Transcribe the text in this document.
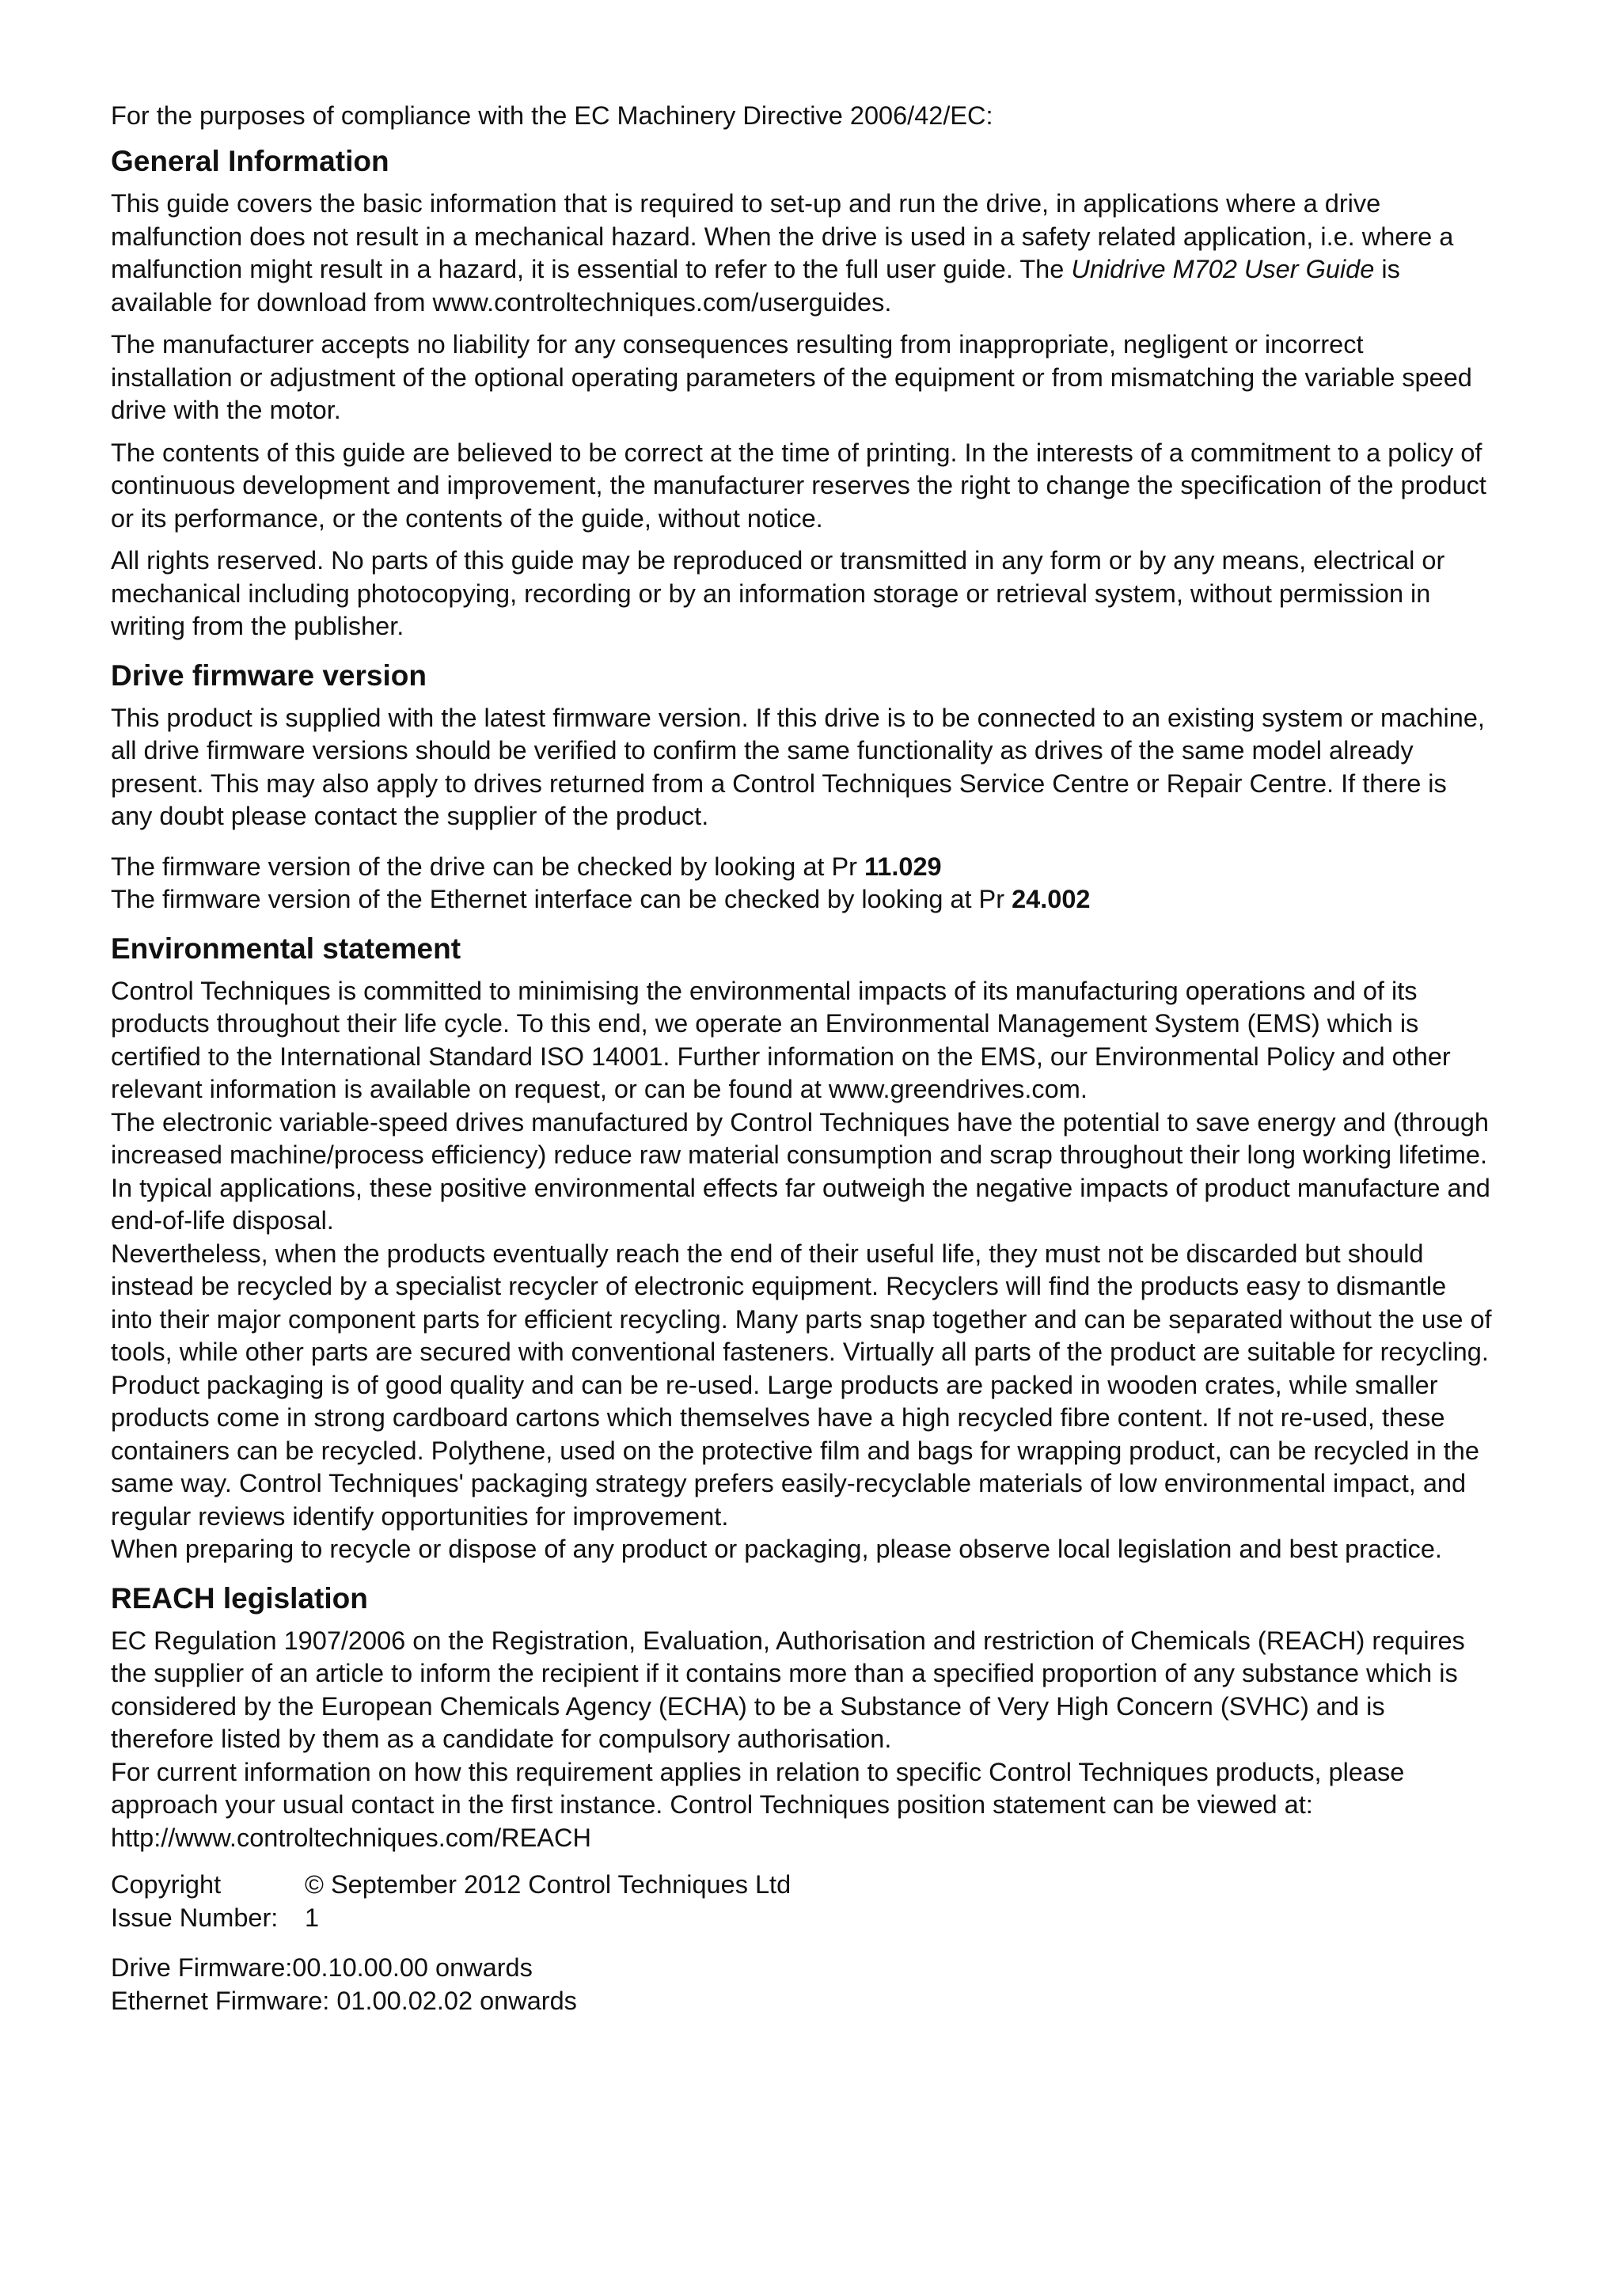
For the purposes of compliance with the EC Machinery Directive 2006/42/EC:

General Information

This guide covers the basic information that is required to set-up and run the drive, in applications where a drive malfunction does not result in a mechanical hazard. When the drive is used in a safety related application, i.e. where a malfunction might result in a hazard, it is essential to refer to the full user guide. The Unidrive M702 User Guide is available for download from www.controltechniques.com/userguides.

The manufacturer accepts no liability for any consequences resulting from inappropriate, negligent or incorrect installation or adjustment of the optional operating parameters of the equipment or from mismatching the variable speed drive with the motor.

The contents of this guide are believed to be correct at the time of printing. In the interests of a commitment to a policy of continuous development and improvement, the manufacturer reserves the right to change the specification of the product or its performance, or the contents of the guide, without notice.

All rights reserved. No parts of this guide may be reproduced or transmitted in any form or by any means, electrical or mechanical including photocopying, recording or by an information storage or retrieval system, without permission in writing from the publisher.

Drive firmware version

This product is supplied with the latest firmware version. If this drive is to be connected to an existing system or machine, all drive firmware versions should be verified to confirm the same functionality as drives of the same model already present. This may also apply to drives returned from a Control Techniques Service Centre or Repair Centre. If there is any doubt please contact the supplier of the product.

The firmware version of the drive can be checked by looking at Pr 11.029

The firmware version of the Ethernet interface can be checked by looking at Pr 24.002

Environmental statement

Control Techniques is committed to minimising the environmental impacts of its manufacturing operations and of its products throughout their life cycle. To this end, we operate an Environmental Management System (EMS) which is certified to the International Standard ISO 14001. Further information on the EMS, our Environmental Policy and other relevant information is available on request, or can be found at www.greendrives.com.

The electronic variable-speed drives manufactured by Control Techniques have the potential to save energy and (through increased machine/process efficiency) reduce raw material consumption and scrap throughout their long working lifetime. In typical applications, these positive environmental effects far outweigh the negative impacts of product manufacture and end-of-life disposal.

Nevertheless, when the products eventually reach the end of their useful life, they must not be discarded but should instead be recycled by a specialist recycler of electronic equipment. Recyclers will find the products easy to dismantle into their major component parts for efficient recycling. Many parts snap together and can be separated without the use of tools, while other parts are secured with conventional fasteners. Virtually all parts of the product are suitable for recycling.

Product packaging is of good quality and can be re-used. Large products are packed in wooden crates, while smaller products come in strong cardboard cartons which themselves have a high recycled fibre content. If not re-used, these containers can be recycled. Polythene, used on the protective film and bags for wrapping product, can be recycled in the same way. Control Techniques' packaging strategy prefers easily-recyclable materials of low environmental impact, and regular reviews identify opportunities for improvement.

When preparing to recycle or dispose of any product or packaging, please observe local legislation and best practice.

REACH legislation

EC Regulation 1907/2006 on the Registration, Evaluation, Authorisation and restriction of Chemicals (REACH) requires the supplier of an article to inform the recipient if it contains more than a specified proportion of any substance which is considered by the European Chemicals Agency (ECHA) to be a Substance of Very High Concern (SVHC) and is therefore listed by them as a candidate for compulsory authorisation.

For current information on how this requirement applies in relation to specific Control Techniques products, please approach your usual contact in the first instance. Control Techniques position statement can be viewed at:

http://www.controltechniques.com/REACH

Copyright	© September 2012 Control Techniques Ltd
Issue Number:	1
Drive Firmware:00.10.00.00 onwards
Ethernet Firmware: 01.00.02.02 onwards
